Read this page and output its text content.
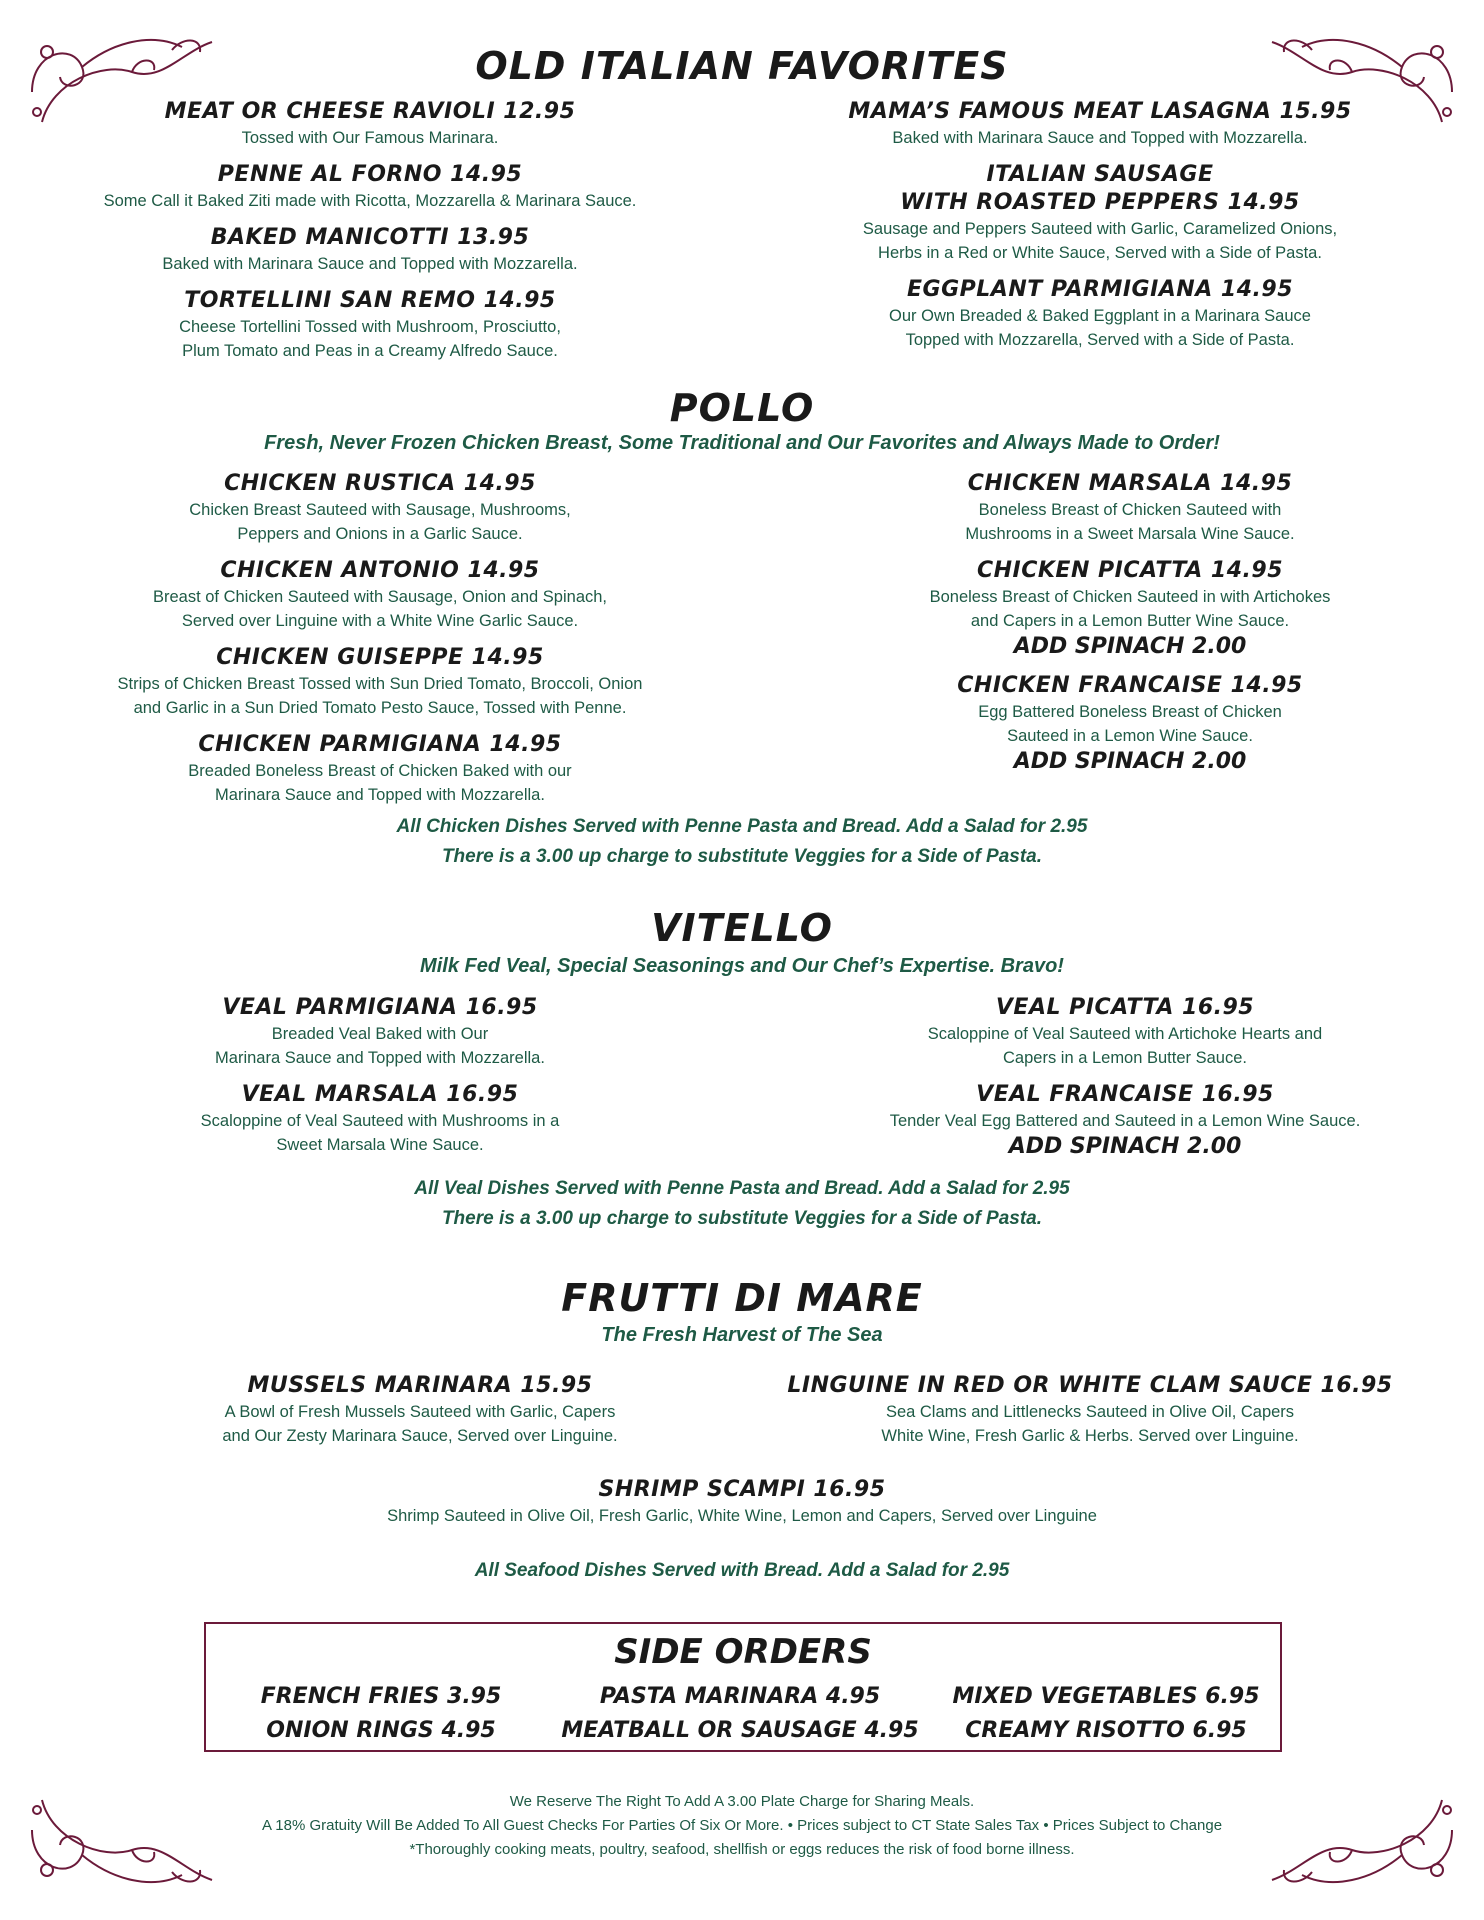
OLD ITALIAN FAVORITES
MEAT OR CHEESE RAVIOLI 12.95
Tossed with Our Famous Marinara.
PENNE AL FORNO 14.95
Some Call it Baked Ziti made with Ricotta, Mozzarella & Marinara Sauce.
BAKED MANICOTTI 13.95
Baked with Marinara Sauce and Topped with Mozzarella.
TORTELLINI SAN REMO 14.95
Cheese Tortellini Tossed with Mushroom, Prosciutto,
Plum Tomato and Peas in a Creamy Alfredo Sauce.
MAMA’S FAMOUS MEAT LASAGNA 15.95
Baked with Marinara Sauce and Topped with Mozzarella.
ITALIAN SAUSAGE
WITH ROASTED PEPPERS 14.95
Sausage and Peppers Sauteed with Garlic, Caramelized Onions,
Herbs in a Red or White Sauce, Served with a Side of Pasta.
EGGPLANT PARMIGIANA 14.95
Our Own Breaded & Baked Eggplant in a Marinara Sauce
Topped with Mozzarella, Served with a Side of Pasta.
POLLO
Fresh, Never Frozen Chicken Breast, Some Traditional and Our Favorites and Always Made to Order!
CHICKEN RUSTICA 14.95
Chicken Breast Sauteed with Sausage, Mushrooms,
Peppers and Onions in a Garlic Sauce.
CHICKEN ANTONIO 14.95
Breast of Chicken Sauteed with Sausage, Onion and Spinach,
Served over Linguine with a White Wine Garlic Sauce.
CHICKEN GUISEPPE 14.95
Strips of Chicken Breast Tossed with Sun Dried Tomato, Broccoli, Onion
and Garlic in a Sun Dried Tomato Pesto Sauce, Tossed with Penne.
CHICKEN PARMIGIANA 14.95
Breaded Boneless Breast of Chicken Baked with our
Marinara Sauce and Topped with Mozzarella.
CHICKEN MARSALA 14.95
Boneless Breast of Chicken Sauteed with
Mushrooms in a Sweet Marsala Wine Sauce.
CHICKEN PICATTA 14.95
Boneless Breast of Chicken Sauteed in with Artichokes
and Capers in a Lemon Butter Wine Sauce.
ADD SPINACH 2.00
CHICKEN FRANCAISE 14.95
Egg Battered Boneless Breast of Chicken
Sauteed in a Lemon Wine Sauce.
ADD SPINACH 2.00
All Chicken Dishes Served with Penne Pasta and Bread. Add a Salad for 2.95
There is a 3.00 up charge to substitute Veggies for a Side of Pasta.
VITELLO
Milk Fed Veal, Special Seasonings and Our Chef’s Expertise. Bravo!
VEAL PARMIGIANA 16.95
Breaded Veal Baked with Our
Marinara Sauce and Topped with Mozzarella.
VEAL MARSALA 16.95
Scaloppine of Veal Sauteed with Mushrooms in a
Sweet Marsala Wine Sauce.
VEAL PICATTA 16.95
Scaloppine of Veal Sauteed with Artichoke Hearts and
Capers in a Lemon Butter Sauce.
VEAL FRANCAISE 16.95
Tender Veal Egg Battered and Sauteed in a Lemon Wine Sauce.
ADD SPINACH 2.00
All Veal Dishes Served with Penne Pasta and Bread. Add a Salad for 2.95
There is a 3.00 up charge to substitute Veggies for a Side of Pasta.
FRUTTI DI MARE
The Fresh Harvest of The Sea
MUSSELS MARINARA 15.95
A Bowl of Fresh Mussels Sauteed with Garlic, Capers
and Our Zesty Marinara Sauce, Served over Linguine.
LINGUINE IN RED OR WHITE CLAM SAUCE 16.95
Sea Clams and Littlenecks Sauteed in Olive Oil, Capers
White Wine, Fresh Garlic & Herbs. Served over Linguine.
SHRIMP SCAMPI 16.95
Shrimp Sauteed in Olive Oil, Fresh Garlic, White Wine, Lemon and Capers, Served over Linguine
All Seafood Dishes Served with Bread. Add a Salad for 2.95
SIDE ORDERS
FRENCH FRIES 3.95
ONION RINGS 4.95
PASTA MARINARA 4.95
MEATBALL OR SAUSAGE 4.95
MIXED VEGETABLES 6.95
CREAMY RISOTTO 6.95
We Reserve The Right To Add A 3.00 Plate Charge for Sharing Meals.
A 18% Gratuity Will Be Added To All Guest Checks For Parties Of Six Or More. • Prices subject to CT State Sales Tax • Prices Subject to Change
*Thoroughly cooking meats, poultry, seafood, shellfish or eggs reduces the risk of food borne illness.
